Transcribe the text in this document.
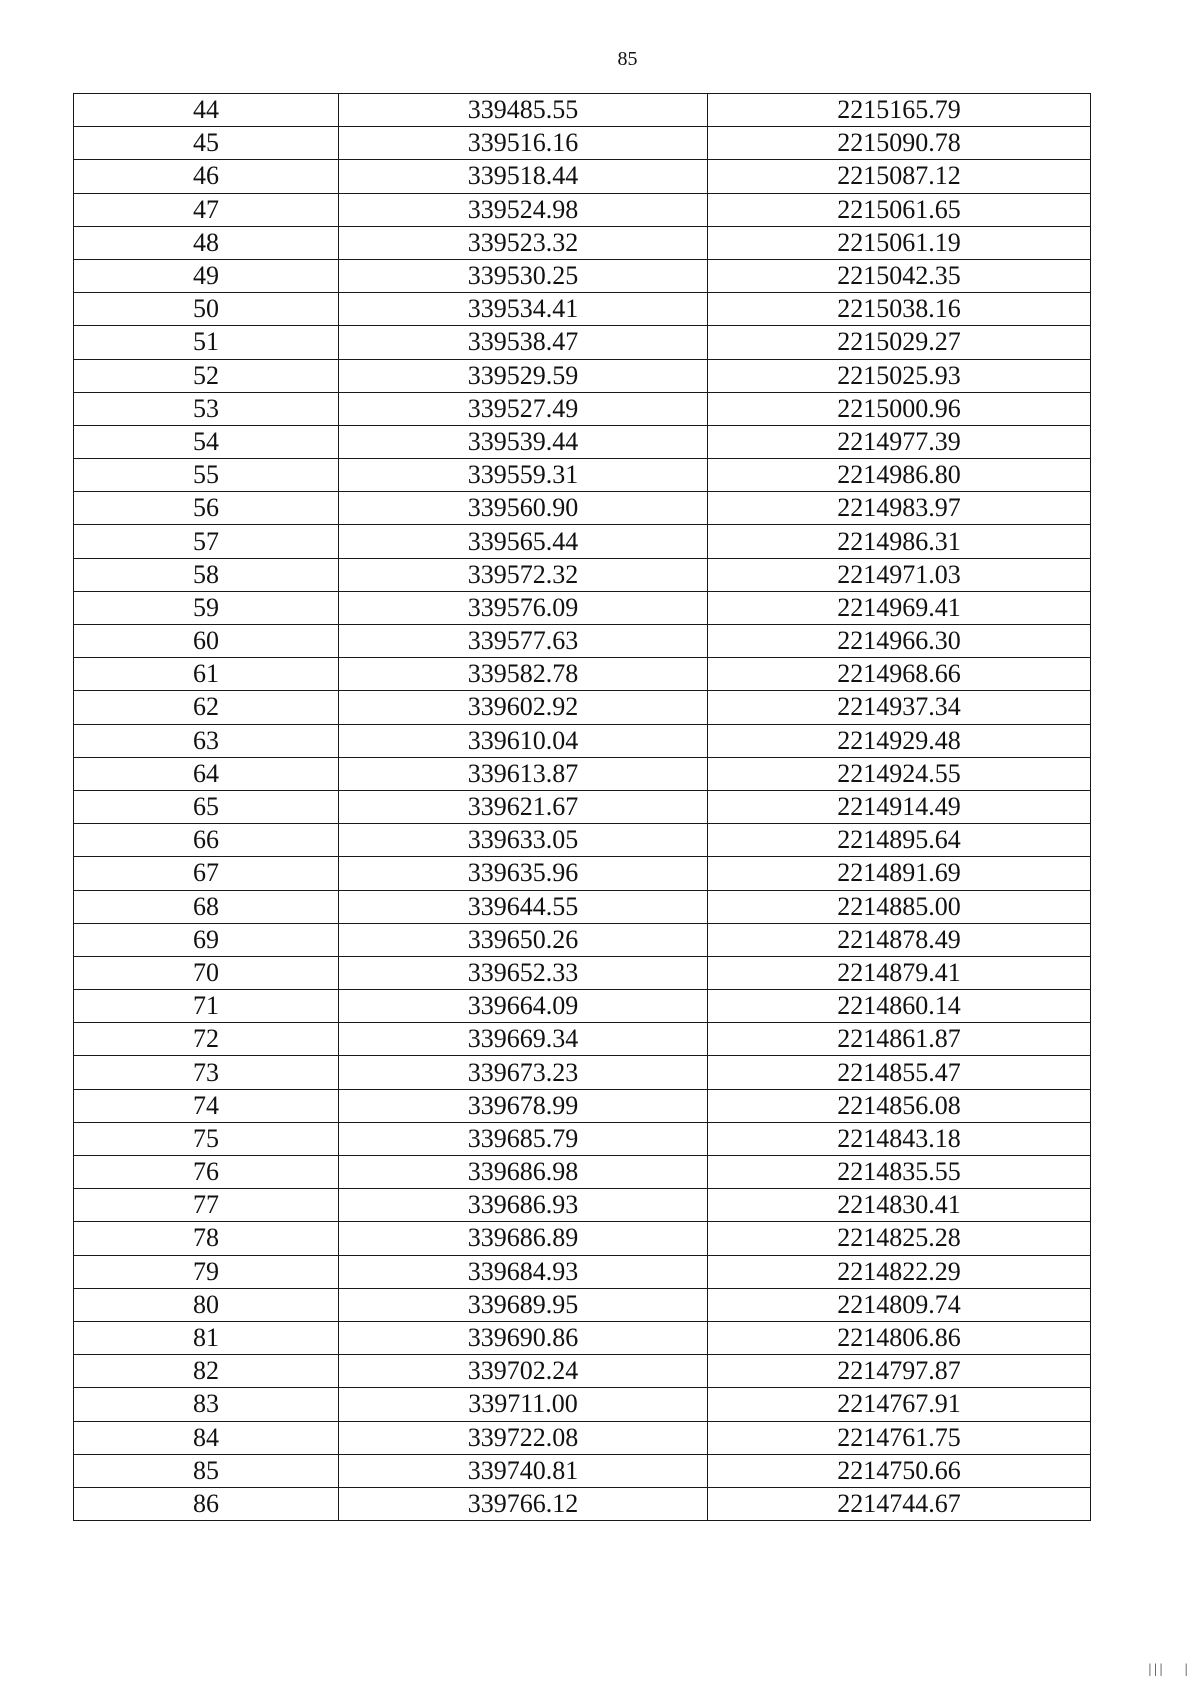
85
44	339485.55	2215165.79
45	339516.16	2215090.78
46	339518.44	2215087.12
47	339524.98	2215061.65
48	339523.32	2215061.19
49	339530.25	2215042.35
50	339534.41	2215038.16
51	339538.47	2215029.27
52	339529.59	2215025.93
53	339527.49	2215000.96
54	339539.44	2214977.39
55	339559.31	2214986.80
56	339560.90	2214983.97
57	339565.44	2214986.31
58	339572.32	2214971.03
59	339576.09	2214969.41
60	339577.63	2214966.30
61	339582.78	2214968.66
62	339602.92	2214937.34
63	339610.04	2214929.48
64	339613.87	2214924.55
65	339621.67	2214914.49
66	339633.05	2214895.64
67	339635.96	2214891.69
68	339644.55	2214885.00
69	339650.26	2214878.49
70	339652.33	2214879.41
71	339664.09	2214860.14
72	339669.34	2214861.87
73	339673.23	2214855.47
74	339678.99	2214856.08
75	339685.79	2214843.18
76	339686.98	2214835.55
77	339686.93	2214830.41
78	339686.89	2214825.28
79	339684.93	2214822.29
80	339689.95	2214809.74
81	339690.86	2214806.86
82	339702.24	2214797.87
83	339711.00	2214767.91
84	339722.08	2214761.75
85	339740.81	2214750.66
86	339766.12	2214744.67
ǀǀǀ   ǀ
